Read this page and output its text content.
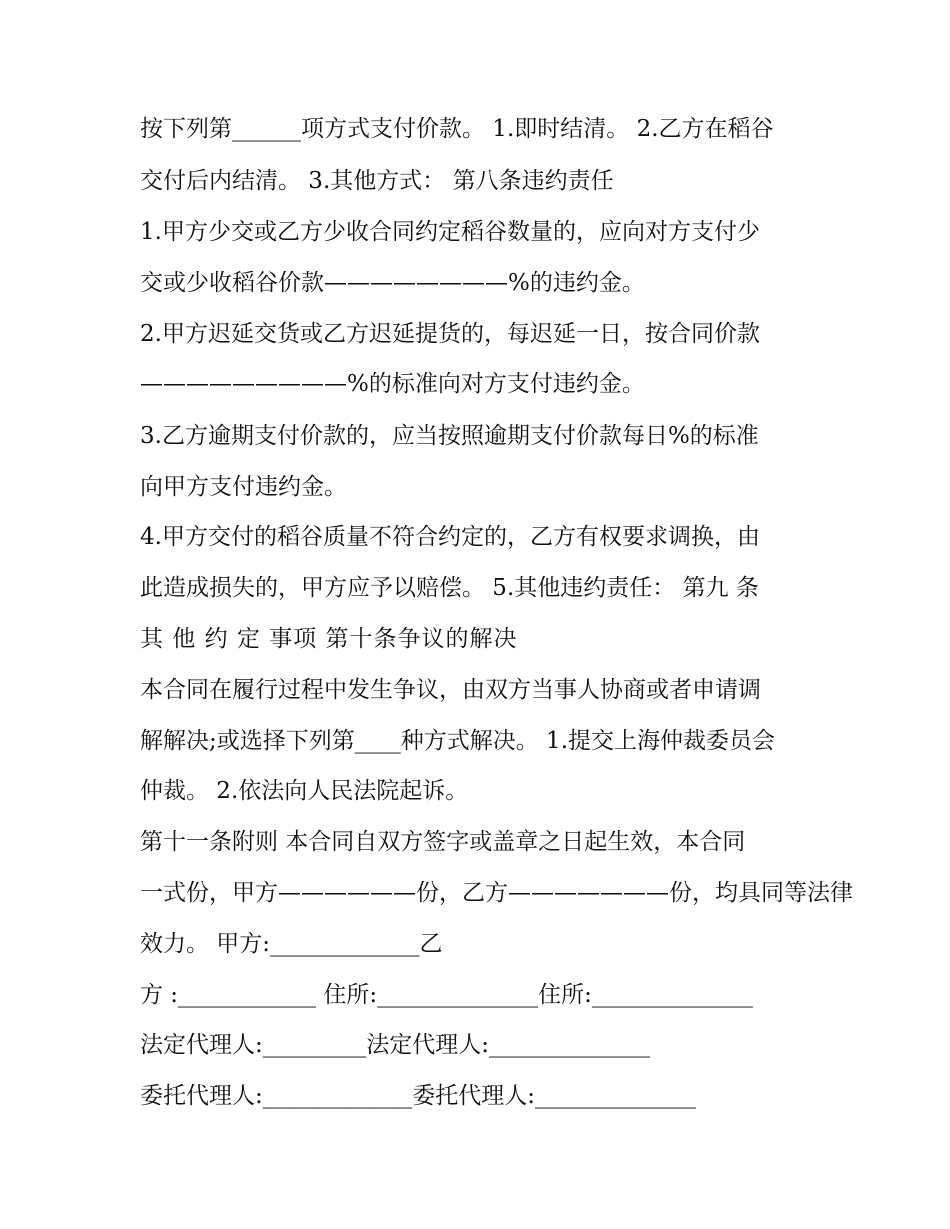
按下列第______项方式支付价款。 1.即时结清。 2.乙方在稻谷
交付后内结清。 3.其他方式： 第八条违约责任
1.甲方少交或乙方少收合同约定稻谷数量的，应向对方支付少
交或少收稻谷价款————————%的违约金。
2.甲方迟延交货或乙方迟延提货的，每迟延一日，按合同价款
—————————%的标准向对方支付违约金。
3.乙方逾期支付价款的，应当按照逾期支付价款每日%的标准
向甲方支付违约金。
4.甲方交付的稻谷质量不符合约定的，乙方有权要求调换，由
此造成损失的，甲方应予以赔偿。 5.其他违约责任： 第九 条
其 他 约 定 事项 第十条争议的解决
本合同在履行过程中发生争议，由双方当事人协商或者申请调
解解决;或选择下列第____种方式解决。 1.提交上海仲裁委员会
仲裁。 2.依法向人民法院起诉。
第十一条附则 本合同自双方签字或盖章之日起生效，本合同
一式份，甲方——————份，乙方———————份，均具同等法律
效力。 甲方:_____________乙
方 :____________ 住所:______________住所:______________
法定代理人:_________法定代理人:______________
委托代理人:_____________委托代理人:______________
